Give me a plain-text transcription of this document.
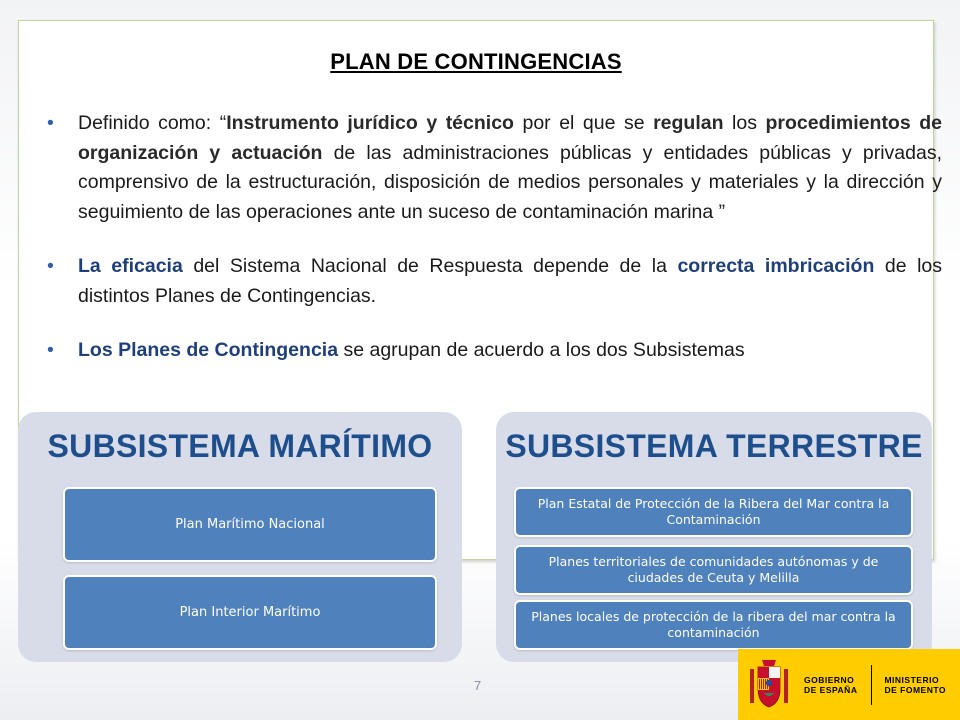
PLAN DE CONTINGENCIAS
• Definido como: “Instrumento jurídico y técnico por el que se regulan los procedimientos de organización y actuación de las administraciones públicas y entidades públicas y privadas, comprensivo de la estructuración, disposición de medios personales y materiales y la dirección y seguimiento de las operaciones ante un suceso de contaminación marina ”
• La eficacia del Sistema Nacional de Respuesta depende de la correcta imbricación de los distintos Planes de Contingencias.
• Los Planes de Contingencia se agrupan de acuerdo a los dos Subsistemas
SUBSISTEMA MARÍTIMO
Plan Marítimo Nacional
Plan Interior Marítimo
SUBSISTEMA TERRESTRE
Plan Estatal de Protección de la Ribera del Mar contra la Contaminación
Planes territoriales de comunidades autónomas y de ciudades de Ceuta y Melilla
Planes locales de protección de la ribera del mar contra la contaminación
7	GOBIERNO
DE ESPAÑA
MINISTERIO
DE FOMENTO
